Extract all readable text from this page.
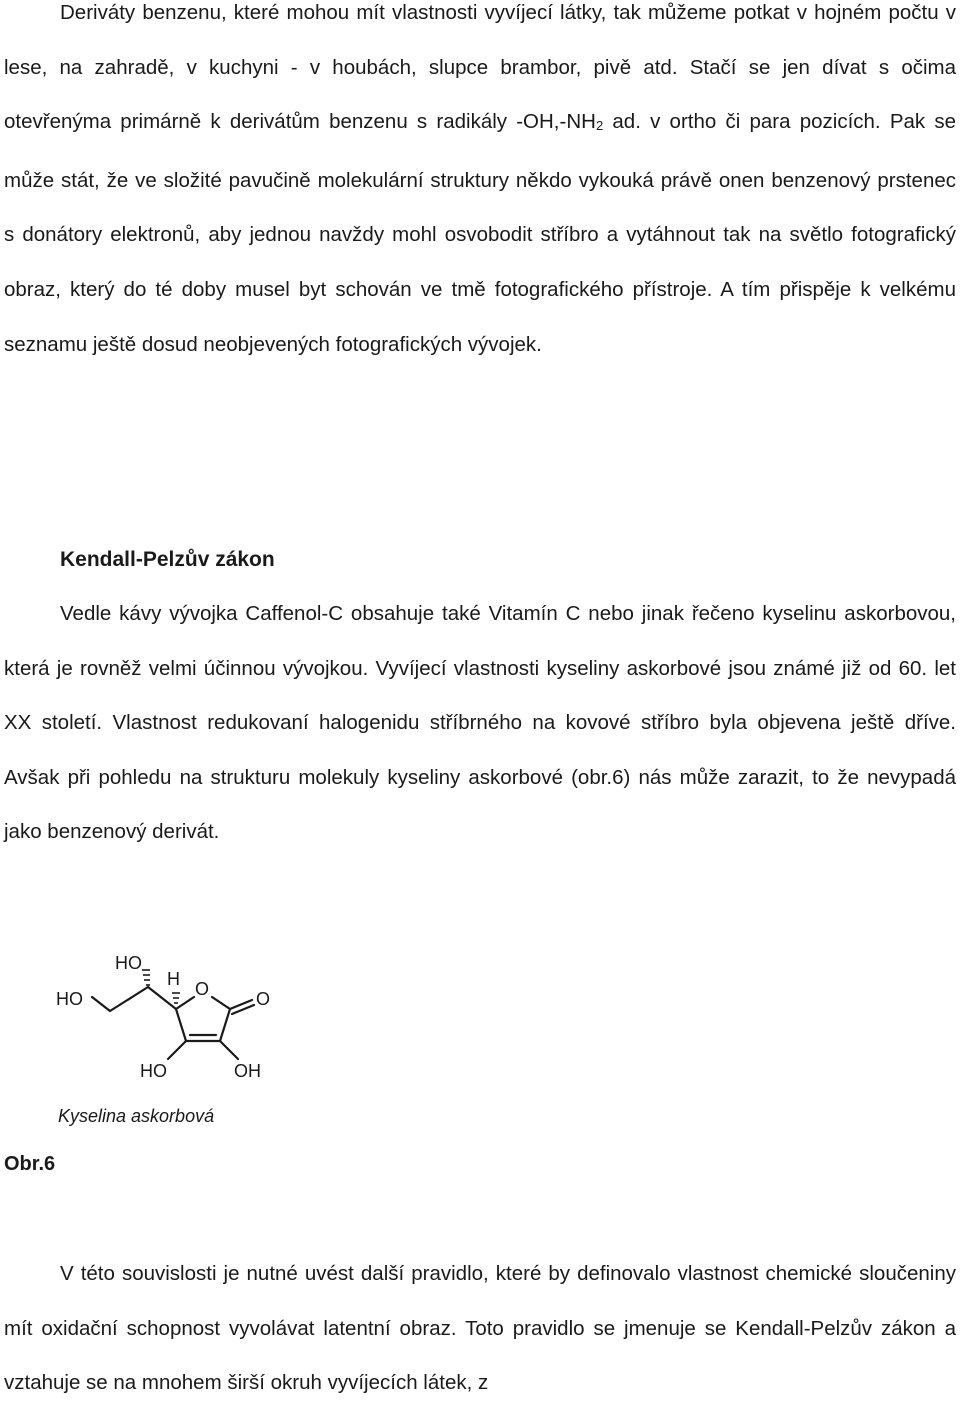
Deriváty benzenu, které mohou mít vlastnosti vyvíjecí látky, tak můžeme potkat v hojném počtu v lese, na zahradě, v kuchyni - v houbách, slupce brambor, pivě atd. Stačí se jen dívat s očima otevřenýma primárně k derivátům benzenu s radikály $-OH,-NH_2$ ad. v ortho či para pozicích. Pak se může stát, že ve složité pavučině molekulární struktury někdo vykouká právě onen benzenový prstenec s donátory elektronů, aby jednou navždy mohl osvobodit stříbro a vytáhnout tak na světlo fotografický obraz, který do té doby musel byt schován ve tmě fotografického přístroje. A tím přispěje k velkému seznamu ještě dosud neobjevených fotografických vývojek.

Kendall-Pelzův zákon

Vedle kávy vývojka Caffenol-C obsahuje také Vitamín C nebo jinak řečeno kyselinu askorbovou, která je rovněž velmi účinnou vývojkou. Vyvíjecí vlastnosti kyseliny askorbové jsou známé již od 60. let XX století. Vlastnost redukovaní halogenidu stříbrného na kovové stříbro byla objevena ještě dříve. Avšak při pohledu na strukturu molekuly kyseliny askorbové (obr.6) nás může zarazit, to že nevypadá jako benzenový derivát.

HO
H
HO	O	O
HO	OH
Kyselina askorbová
Obr.6

V této souvislosti je nutné uvést další pravidlo, které by definovalo vlastnost chemické sloučeniny mít oxidační schopnost vyvolávat latentní obraz. Toto pravidlo se jmenuje se Kendall-Pelzův zákon a vztahuje se na mnohem širší okruh vyvíjecích látek, z
